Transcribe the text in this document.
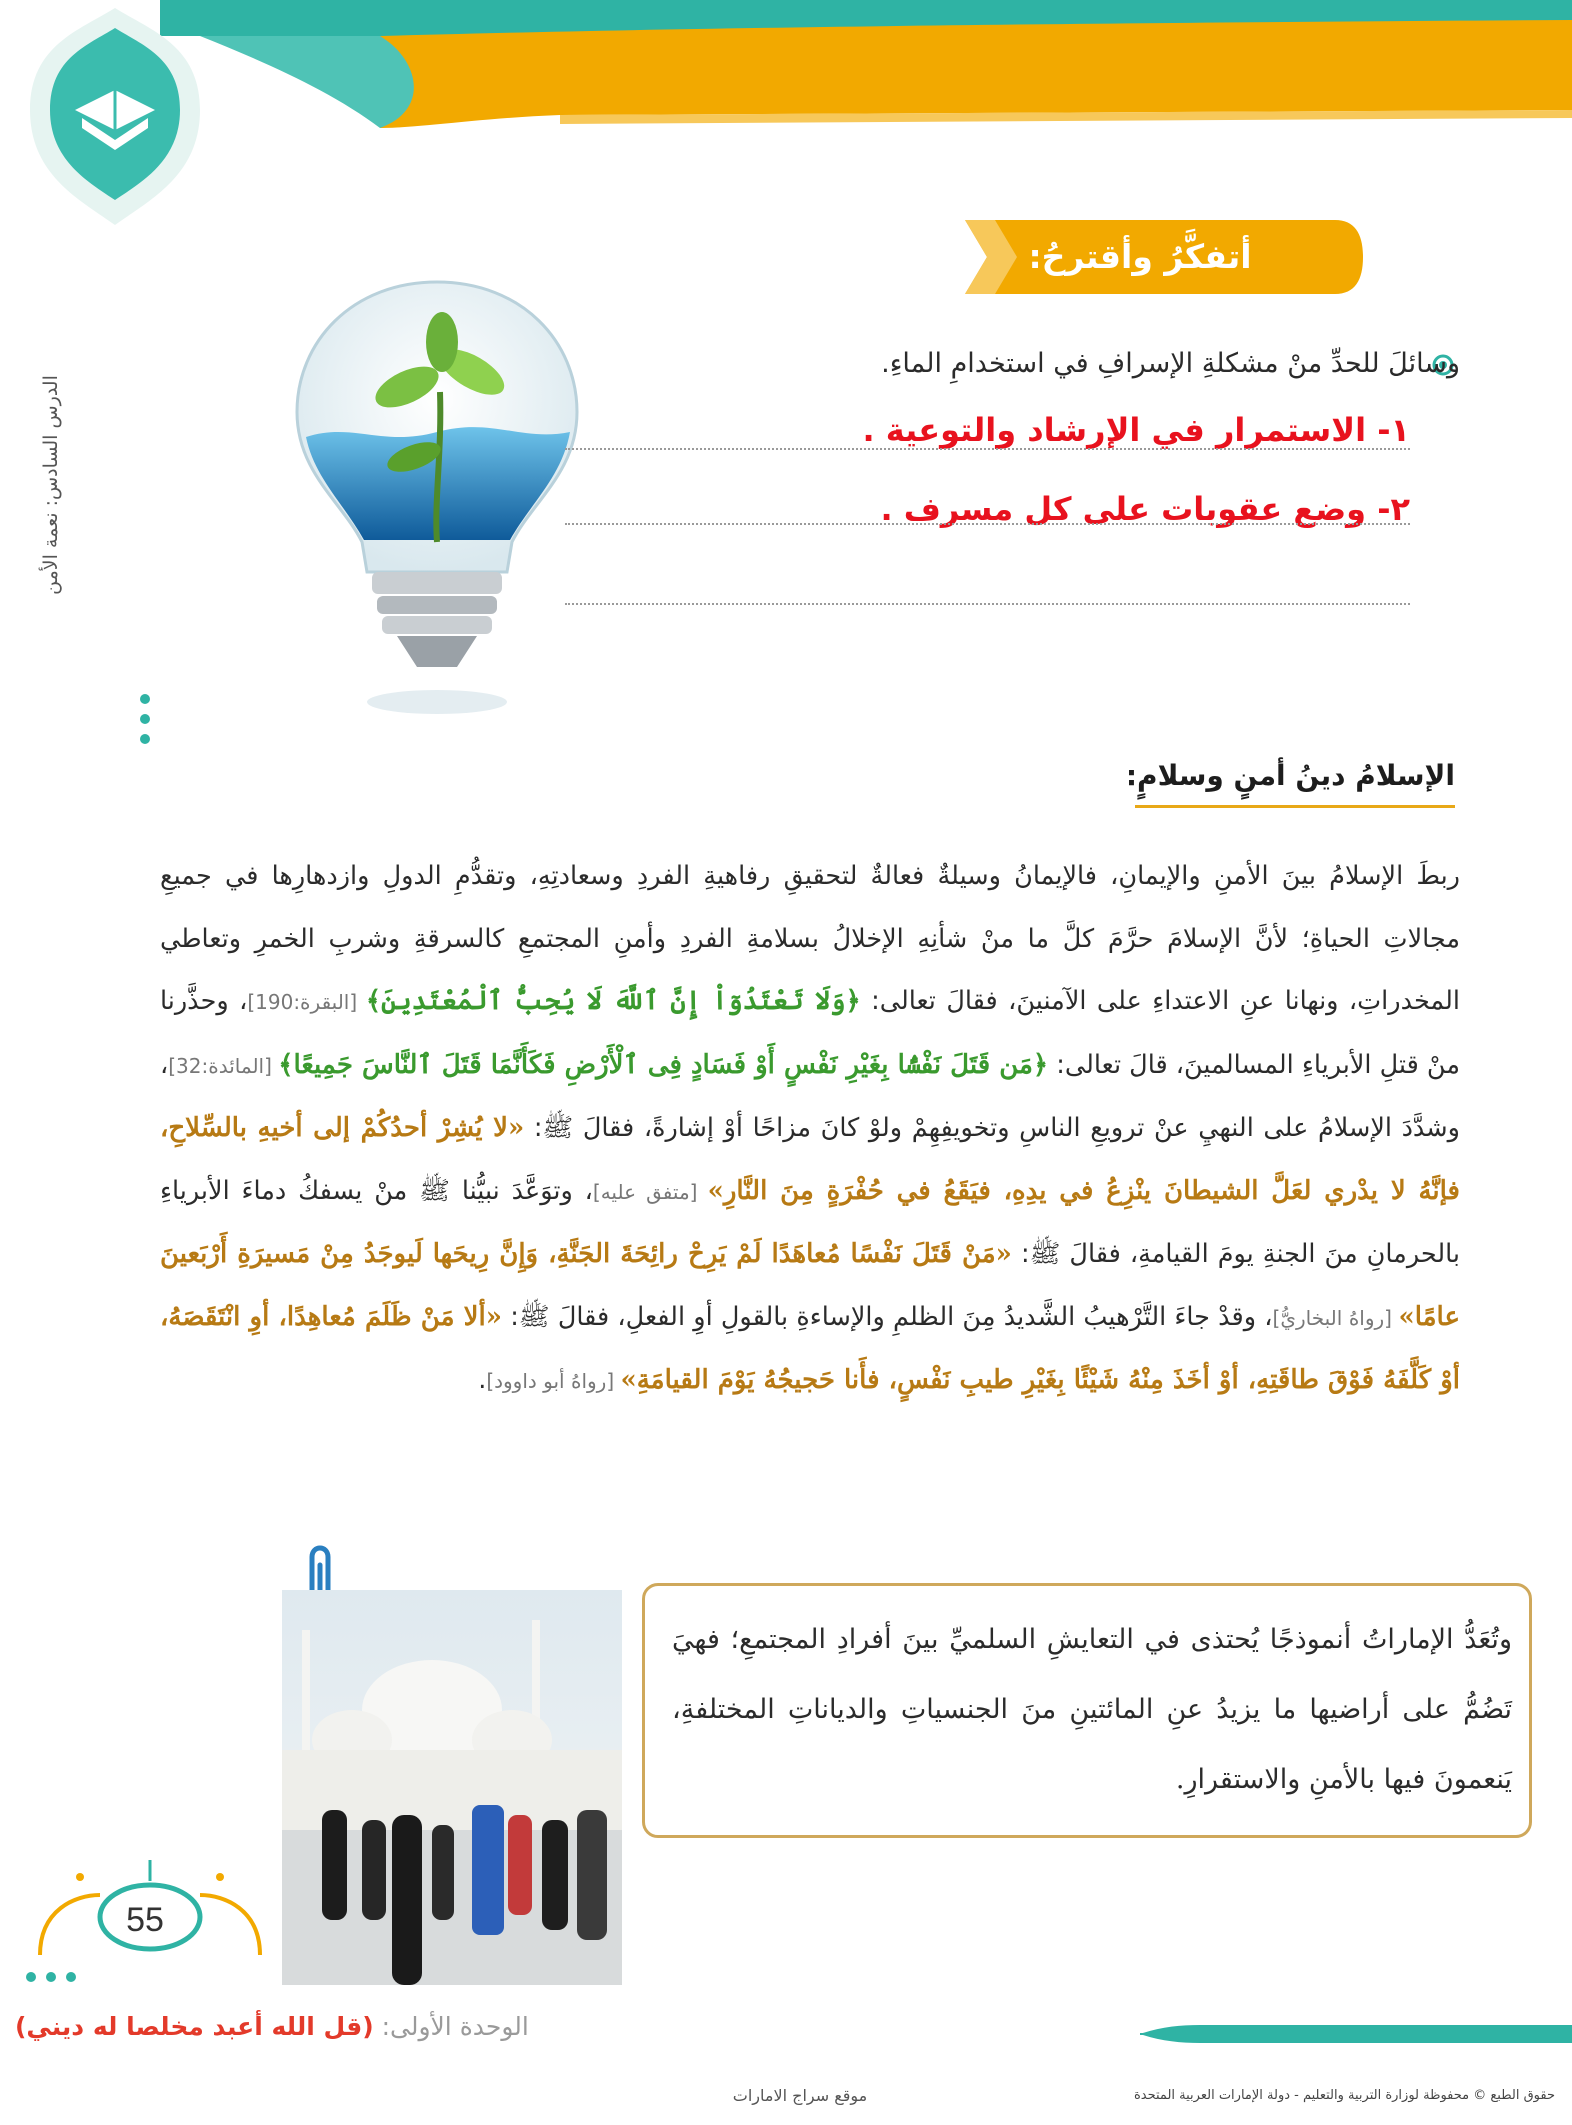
الدرس السادس: نعمة الأمن
أتفكَّرُ وأقترحُ:
وسائلَ للحدِّ منْ مشكلةِ الإسرافِ في استخدامِ الماءِ.
١- الاستمرار في الإرشاد والتوعية .
٢- وضع عقوبات على كل مسرف .
الإسلامُ دينُ أمنٍ وسلامٍ:
ربطَ الإسلامُ بينَ الأمنِ والإيمانِ، فالإيمانُ وسيلةٌ فعالةٌ لتحقيقِ رفاهيةِ الفردِ وسعادتِهِ، وتقدُّمِ الدولِ وازدهارِها في جميعِ مجالاتِ الحياةِ؛ لأنَّ الإسلامَ حرَّمَ كلَّ ما منْ شأنِهِ الإخلالُ بسلامةِ الفردِ وأمنِ المجتمعِ كالسرقةِ وشربِ الخمرِ وتعاطي المخدراتِ، ونهانا عنِ الاعتداءِ على الآمنينَ، فقالَ تعالى: ﴿وَلَا تَعْتَدُوٓاْ إِنَّ ٱللَّهَ لَا يُحِبُّ ٱلْمُعْتَدِينَ﴾ [البقرة:190]، وحذَّرنا منْ قتلِ الأبرياءِ المسالمينَ، قالَ تعالى: ﴿مَن قَتَلَ نَفْسًۢا بِغَيْرِ نَفْسٍ أَوْ فَسَادٍ فِى ٱلْأَرْضِ فَكَأَنَّمَا قَتَلَ ٱلنَّاسَ جَمِيعًا﴾ [المائدة:32]، وشدَّدَ الإسلامُ على النهيِ عنْ ترويعِ الناسِ وتخويفِهِمْ ولوْ كانَ مزاحًا أوْ إشارةً، فقالَ ﷺ: «لا يُشِرْ أحدُكُمْ إلى أخيهِ بالسِّلاحِ، فإنَّهُ لا يدْري لعَلَّ الشيطانَ ينْزِعُ في يدِهِ، فيَقَعُ في حُفْرَةٍ مِنَ النَّارِ» [متفق عليه]، وتوَعَّدَ نبيُّنا ﷺ منْ يسفكُ دماءَ الأبرياءِ بالحرمانِ منَ الجنةِ يومَ القيامةِ، فقالَ ﷺ: «مَنْ قَتَلَ نَفْسًا مُعاهَدًا لَمْ يَرِحْ رائِحَةَ الجَنَّةِ، وَإِنَّ رِيحَها لَيوجَدُ مِنْ مَسيرَةِ أَرْبَعينَ عامًا» [رواهُ البخاريُّ]، وقدْ جاءَ التَّرْهيبُ الشَّديدُ مِنَ الظلمِ والإساءةِ بالقولِ أوِ الفعلِ، فقالَ ﷺ: «ألا مَنْ ظَلَمَ مُعاهِدًا، أوِ انْتَقَصَهُ، أوْ كَلَّفَهُ فَوْقَ طاقَتِهِ، أوْ أخَذَ مِنْهُ شَيْئًا بِغَيْرِ طيبِ نَفْسٍ، فأَنا حَجيجُهُ يَوْمَ القيامَةِ» [رواهُ أبو داوود].
وتُعَدُّ الإماراتُ أنموذجًا يُحتذى في التعايشِ السلميِّ بينَ أفرادِ المجتمعِ؛ فهيَ تَضُمُّ على أراضيها ما يزيدُ عنِ المائتينِ منَ الجنسياتِ والدياناتِ المختلفةِ، يَنعمونَ فيها بالأمنِ والاستقرارِ.
55
الوحدة الأولى: (قل الله أعبد مخلصا له ديني)
حقوق الطبع © محفوظة لوزارة التربية والتعليم - دولة الإمارات العربية المتحدة
موقع سراج الامارات
